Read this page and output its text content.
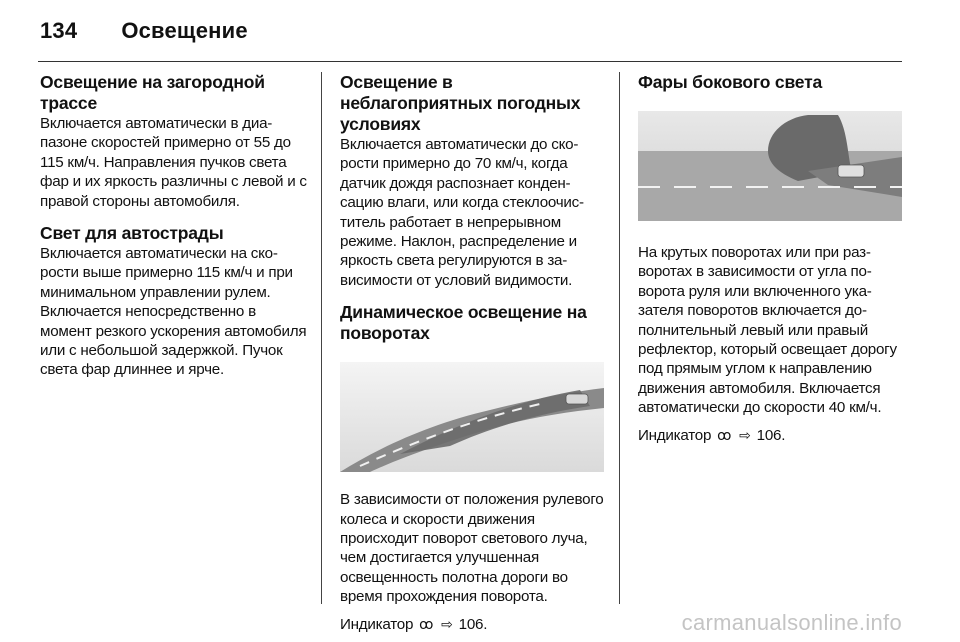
134 Освещение
Освещение на загородной трассе

Включается автоматически в диапазоне скоростей примерно от 55 до 115 км/ч. Направления пучков света фар и их яркость различны с левой и с правой стороны автомобиля.

Свет для автострады

Включается автоматически на скорости выше примерно 115 км/ч и при минимальном управлении рулем. Включается непосредственно в момент резкого ускорения автомобиля или с небольшой задержкой. Пучок света фар длиннее и ярче.

Освещение в неблагоприятных погодных условиях

Включается автоматически до скорости примерно до 70 км/ч, когда датчик дождя распознает конденсацию влаги, или когда стеклоочиститель работает в непрерывном режиме. Наклон, распределение и яркость света регулируются в зависимости от условий видимости.

Динамическое освещение на поворотах

В зависимости от положения рулевого колеса и скорости движения происходит поворот светового луча, чем достигается улучшенная освещенность полотна дороги во время прохождения поворота.

Индикатор ꝏ ⇨ 106.

Фары бокового света

На крутых поворотах или при разворотах в зависимости от угла поворота руля или включенного указателя поворотов включается дополнительный левый или правый рефлектор, который освещает дорогу под прямым углом к направлению движения автомобиля. Включается автоматически до скорости 40 км/ч.

Индикатор ꝏ ⇨ 106.

carmanualsonline.info
